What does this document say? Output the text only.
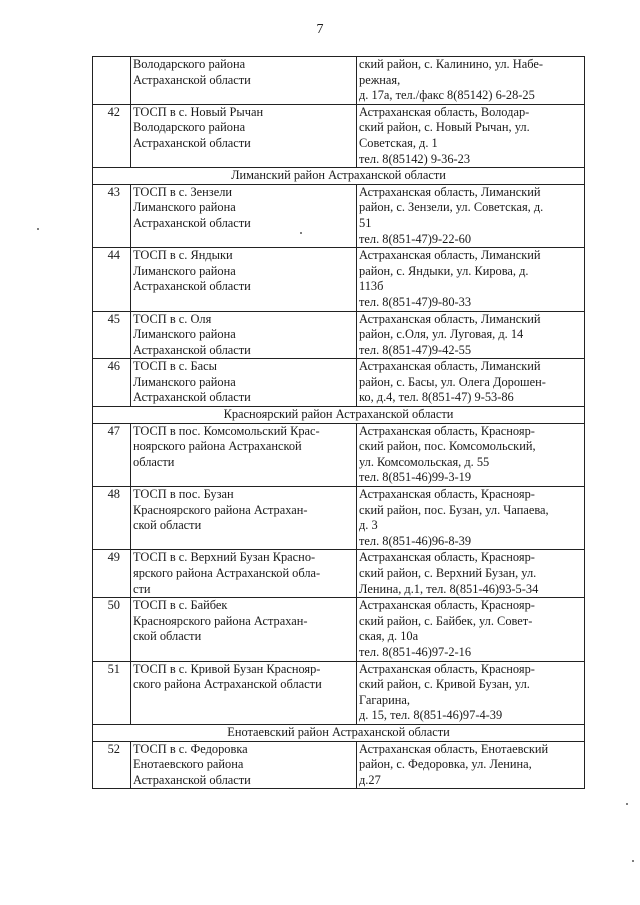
7

	Володарского района
Астраханской области	ский район, с. Калинино, ул. Набе-
режная,
д. 17а, тел./факс 8(85142) 6-28-25

42	ТОСП в с. Новый Рычан
Володарского района
Астраханской области	Астраханская область, Володар-
ский район, с. Новый Рычан, ул.
Советская, д. 1
тел. 8(85142) 9-36-23

Лиманский район Астраханской области		
43	ТОСП в с. Зензели
Лиманского района
Астраханской области	Астраханская область, Лиманский
район, с. Зензели, ул. Советская, д.
51
тел. 8(851-47)9-22-60

44	ТОСП в с. Яндыки
Лиманского района
Астраханской области	Астраханская область, Лиманский
район, с. Яндыки, ул. Кирова, д.
113б
тел. 8(851-47)9-80-33

45	ТОСП в с. Оля
Лиманского района
Астраханской области	Астраханская область, Лиманский
район, с.Оля, ул. Луговая, д. 14
тел. 8(851-47)9-42-55

46	ТОСП в с. Басы
Лиманского района
Астраханской области	Астраханская область, Лиманский
район, с. Басы, ул. Олега Дорошен-
ко, д.4, тел. 8(851-47) 9-53-86

Красноярский район Астраханской области		
47	ТОСП в пос. Комсомольский Крас-
ноярского района Астраханской
области	Астраханская область, Краснояр-
ский район, пос. Комсомольский,
ул. Комсомольская, д. 55
тел. 8(851-46)99-3-19

48	ТОСП в пос. Бузан
Красноярского района Астрахан-
ской области	Астраханская область, Краснояр-
ский район, пос. Бузан, ул. Чапаева,
д. 3
тел. 8(851-46)96-8-39

49	ТОСП в с. Верхний Бузан Красно-
ярского района Астраханской обла-
сти	Астраханская область, Краснояр-
ский район, с. Верхний Бузан, ул.
Ленина, д.1, тел. 8(851-46)93-5-34

50	ТОСП в с. Байбек
Красноярского района Астрахан-
ской области	Астраханская область, Краснояр-
ский район, с. Байбек, ул. Совет-
ская, д. 10а
тел. 8(851-46)97-2-16

51	ТОСП в с. Кривой Бузан Краснояр-
ского района Астраханской области	Астраханская область, Краснояр-
ский район, с. Кривой Бузан, ул.
Гагарина,
д. 15, тел. 8(851-46)97-4-39

Енотаевский район Астраханской области		
52	ТОСП в с. Федоровка
Енотаевского района
Астраханской области	Астраханская область, Енотаевский
район, с. Федоровка, ул. Ленина,
д.27
